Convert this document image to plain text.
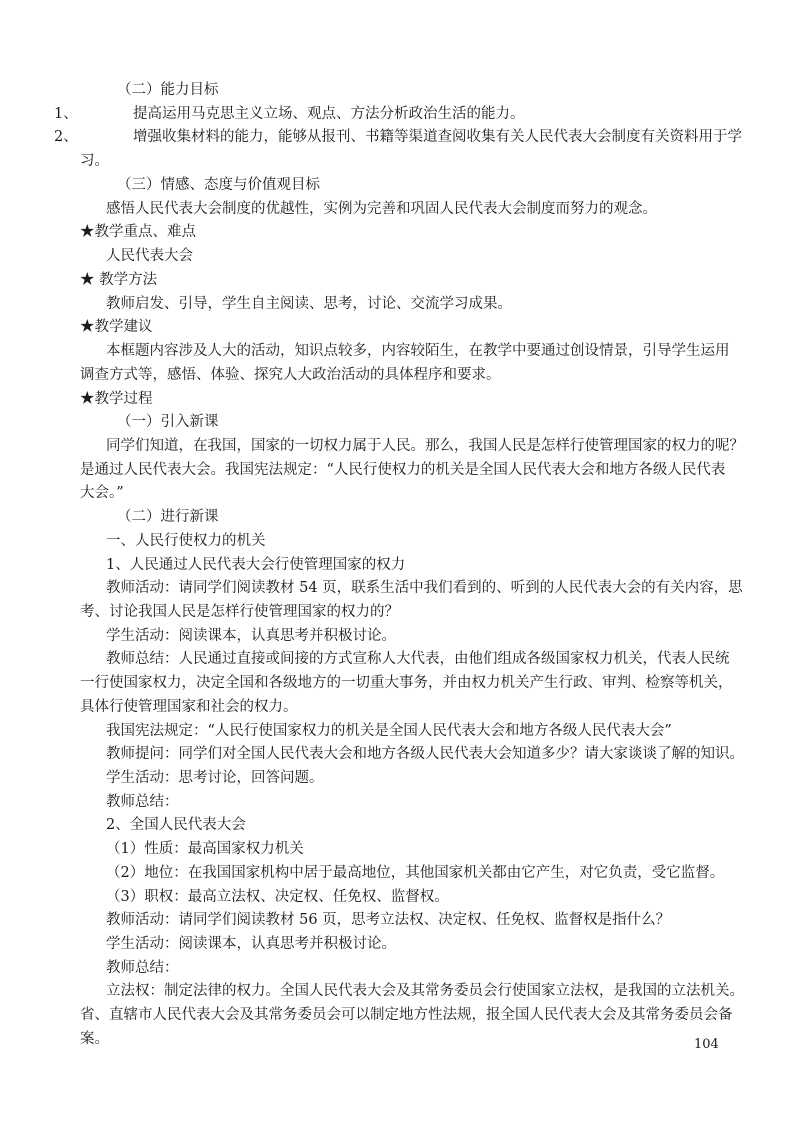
（二）能力目标
1、	提高运用马克思主义立场、观点、方法分析政治生活的能力。
2、	增强收集材料的能力，能够从报刊、书籍等渠道查阅收集有关人民代表大会制度有关资料用于学
习。
（三）情感、态度与价值观目标
感悟人民代表大会制度的优越性，实例为完善和巩固人民代表大会制度而努力的观念。
★教学重点、难点
人民代表大会
★ 教学方法
教师启发、引导，学生自主阅读、思考，讨论、交流学习成果。
★教学建议
本框题内容涉及人大的活动，知识点较多，内容较陌生，在教学中要通过创设情景，引导学生运用
调查方式等，感悟、体验、探究人大政治活动的具体程序和要求。
★教学过程
（一）引入新课
同学们知道，在我国，国家的一切权力属于人民。那么，我国人民是怎样行使管理国家的权力的呢？
是通过人民代表大会。我国宪法规定：“人民行使权力的机关是全国人民代表大会和地方各级人民代表
大会。”
（二）进行新课
一、人民行使权力的机关
1、人民通过人民代表大会行使管理国家的权力
教师活动：请同学们阅读教材 54 页，联系生活中我们看到的、听到的人民代表大会的有关内容，思
考、讨论我国人民是怎样行使管理国家的权力的？
学生活动：阅读课本，认真思考并积极讨论。
教师总结：人民通过直接或间接的方式宣称人大代表，由他们组成各级国家权力机关，代表人民统
一行使国家权力，决定全国和各级地方的一切重大事务，并由权力机关产生行政、审判、检察等机关，
具体行使管理国家和社会的权力。
我国宪法规定：“人民行使国家权力的机关是全国人民代表大会和地方各级人民代表大会”
教师提问：同学们对全国人民代表大会和地方各级人民代表大会知道多少？请大家谈谈了解的知识。
学生活动：思考讨论，回答问题。
教师总结：
2、全国人民代表大会
（1）性质：最高国家权力机关
（2）地位：在我国国家机构中居于最高地位，其他国家机关都由它产生，对它负责，受它监督。
（3）职权：最高立法权、决定权、任免权、监督权。
教师活动：请同学们阅读教材 56 页，思考立法权、决定权、任免权、监督权是指什么？
学生活动：阅读课本，认真思考并积极讨论。
教师总结：
立法权：制定法律的权力。全国人民代表大会及其常务委员会行使国家立法权，是我国的立法机关。
省、直辖市人民代表大会及其常务委员会可以制定地方性法规，报全国人民代表大会及其常务委员会备
案。	104
